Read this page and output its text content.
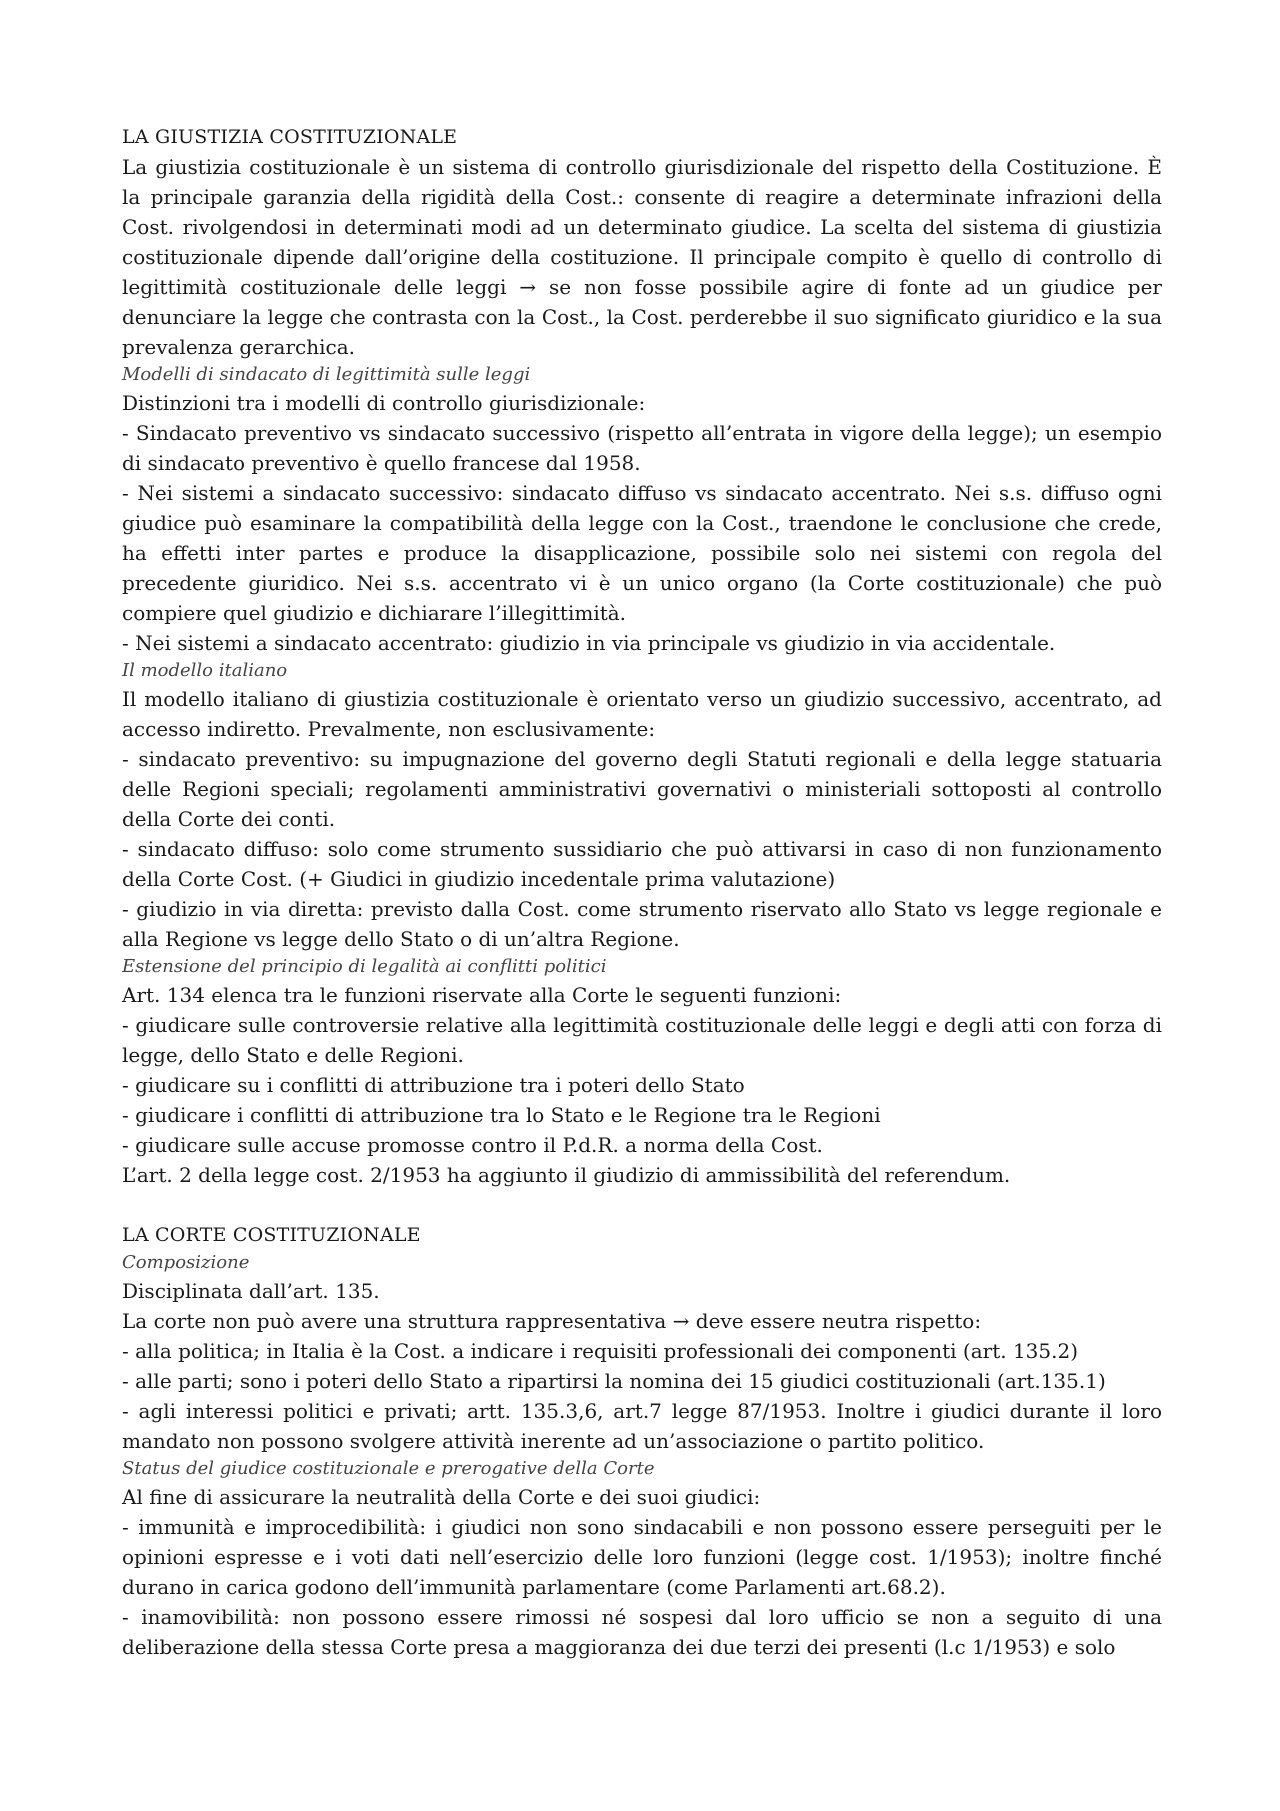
LA GIUSTIZIA COSTITUZIONALE

La giustizia costituzionale è un sistema di controllo giurisdizionale del rispetto della Costituzione. È la principale garanzia della rigidità della Cost.: consente di reagire a determinate infrazioni della Cost. rivolgendosi in determinati modi ad un determinato giudice. La scelta del sistema di giustizia costituzionale dipende dall’origine della costituzione. Il principale compito è quello di controllo di legittimità costituzionale delle leggi → se non fosse possibile agire di fonte ad un giudice per denunciare la legge che contrasta con la Cost., la Cost. perderebbe il suo significato giuridico e la sua prevalenza gerarchica.

Modelli di sindacato di legittimità sulle leggi

Distinzioni tra i modelli di controllo giurisdizionale:

- Sindacato preventivo vs sindacato successivo (rispetto all’entrata in vigore della legge); un esempio di sindacato preventivo è quello francese dal 1958.

- Nei sistemi a sindacato successivo: sindacato diffuso vs sindacato accentrato. Nei s.s. diffuso ogni giudice può esaminare la compatibilità della legge con la Cost., traendone le conclusione che crede, ha effetti inter partes e produce la disapplicazione, possibile solo nei sistemi con regola del precedente giuridico. Nei s.s. accentrato vi è un unico organo (la Corte costituzionale) che può compiere quel giudizio e dichiarare l’illegittimità.

- Nei sistemi a sindacato accentrato: giudizio in via principale vs giudizio in via accidentale.

Il modello italiano

Il modello italiano di giustizia costituzionale è orientato verso un giudizio successivo, accentrato, ad accesso indiretto. Prevalmente, non esclusivamente:

- sindacato preventivo: su impugnazione del governo degli Statuti regionali e della legge statuaria delle Regioni speciali; regolamenti amministrativi governativi o ministeriali sottoposti al controllo della Corte dei conti.

- sindacato diffuso: solo come strumento sussidiario che può attivarsi in caso di non funzionamento della Corte Cost. (+ Giudici in giudizio incedentale prima valutazione)

- giudizio in via diretta: previsto dalla Cost. come strumento riservato allo Stato vs legge regionale e alla Regione vs legge dello Stato o di un’altra Regione.

Estensione del principio di legalità ai conflitti politici

Art. 134 elenca tra le funzioni riservate alla Corte le seguenti funzioni:

- giudicare sulle controversie relative alla legittimità costituzionale delle leggi e degli atti con forza di legge, dello Stato e delle Regioni.

- giudicare su i conflitti di attribuzione tra i poteri dello Stato

- giudicare i conflitti di attribuzione tra lo Stato e le Regione tra le Regioni

- giudicare sulle accuse promosse contro il P.d.R. a norma della Cost.

L’art. 2 della legge cost. 2/1953 ha aggiunto il giudizio di ammissibilità del referendum.

LA CORTE COSTITUZIONALE
Composizione

Disciplinata dall’art. 135.

La corte non può avere una struttura rappresentativa → deve essere neutra rispetto:

- alla politica; in Italia è la Cost. a indicare i requisiti professionali dei componenti (art. 135.2)

- alle parti; sono i poteri dello Stato a ripartirsi la nomina dei 15 giudici costituzionali (art.135.1)

- agli interessi politici e privati; artt. 135.3,6, art.7 legge 87/1953. Inoltre i giudici durante il loro mandato non possono svolgere attività inerente ad un’associazione o partito politico.

Status del giudice costituzionale e prerogative della Corte

Al fine di assicurare la neutralità della Corte e dei suoi giudici:

- immunità e improcedibilità: i giudici non sono sindacabili e non possono essere perseguiti per le opinioni espresse e i voti dati nell’esercizio delle loro funzioni (legge cost. 1/1953); inoltre finché durano in carica godono dell’immunità parlamentare (come Parlamenti art.68.2).

- inamovibilità: non possono essere rimossi né sospesi dal loro ufficio se non a seguito di una deliberazione della stessa Corte presa a maggioranza dei due terzi dei presenti (l.c 1/1953) e solo
